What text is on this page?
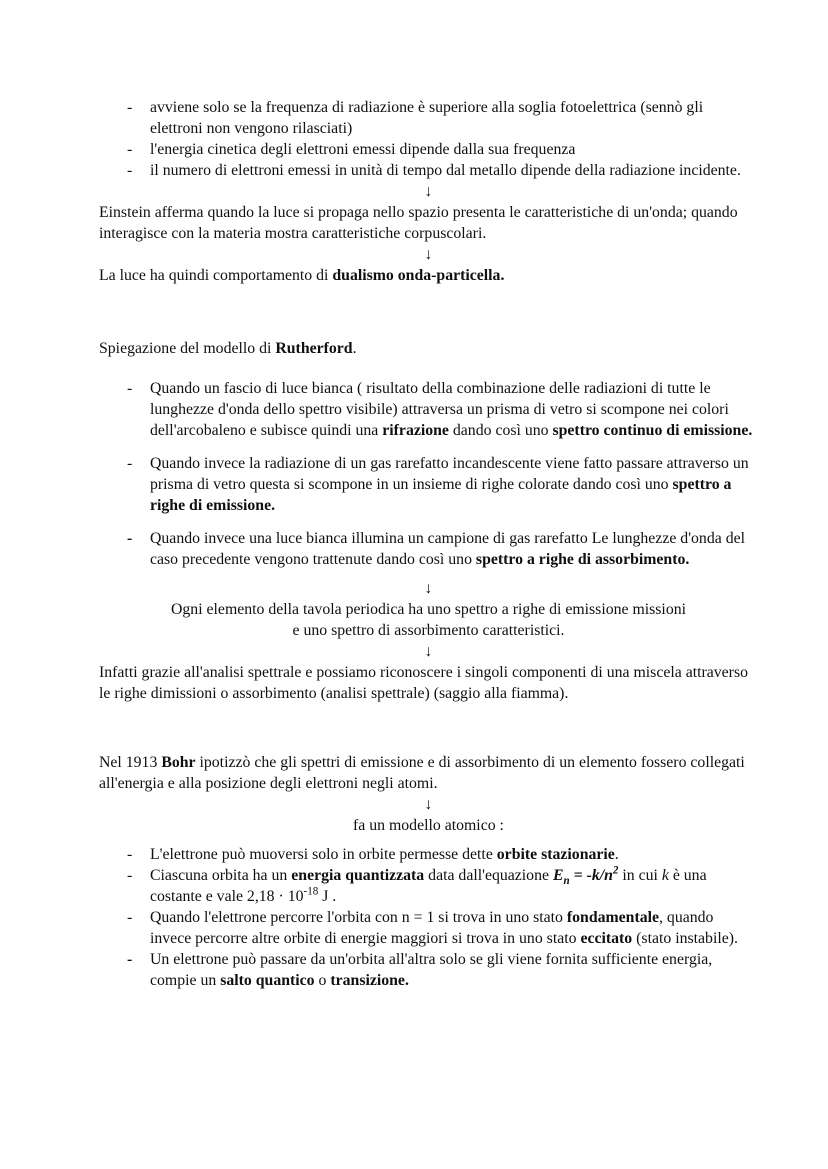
-	avviene solo se la frequenza di radiazione è superiore alla soglia fotoelettrica (sennò gli elettroni non vengono rilasciati)
-	l'energia cinetica degli elettroni emessi dipende dalla sua frequenza
-	il numero di elettroni emessi in unità di tempo dal metallo dipende della radiazione incidente.
↓

Einstein afferma quando la luce si propaga nello spazio presenta le caratteristiche di un'onda; quando interagisce con la materia mostra caratteristiche corpuscolari.

↓

La luce ha quindi comportamento di dualismo onda-particella.

Spiegazione del modello di Rutherford.

-	Quando un fascio di luce bianca ( risultato della combinazione delle radiazioni di tutte le lunghezze d'onda dello spettro visibile) attraversa un prisma di vetro si scompone nei colori dell'arcobaleno e subisce quindi una rifrazione dando così uno spettro continuo di emissione.
-	Quando invece la radiazione di un gas rarefatto incandescente viene fatto passare attraverso un prisma di vetro questa si scompone in un insieme di righe colorate dando così uno spettro a righe di emissione.
-	Quando invece una luce bianca illumina un campione di gas rarefatto Le lunghezze d'onda del caso precedente vengono trattenute dando così uno spettro a righe di assorbimento.
↓

Ogni elemento della tavola periodica ha uno spettro a righe di emissione missioni e uno spettro di assorbimento caratteristici.

↓

Infatti grazie all'analisi spettrale e possiamo riconoscere i singoli componenti di una miscela attraverso le righe dimissioni o assorbimento (analisi spettrale) (saggio alla fiamma).

Nel 1913 Bohr ipotizzò che gli spettri di emissione e di assorbimento di un elemento fossero collegati all'energia e alla posizione degli elettroni negli atomi.

↓

fa un modello atomico :

-	L'elettrone può muoversi solo in orbite permesse dette orbite stazionarie.
-	Ciascuna orbita ha un energia quantizzata data dall'equazione $E_n = -k/n^2$ in cui k è una costante e vale $2,18 \cdot 10^{-18}$ J .
-	Quando l'elettrone percorre l'orbita con n = 1 si trova in uno stato fondamentale, quando invece percorre altre orbite di energie maggiori si trova in uno stato eccitato (stato instabile).
-	Un elettrone può passare da un'orbita all'altra solo se gli viene fornita sufficiente energia, compie un salto quantico o transizione.
